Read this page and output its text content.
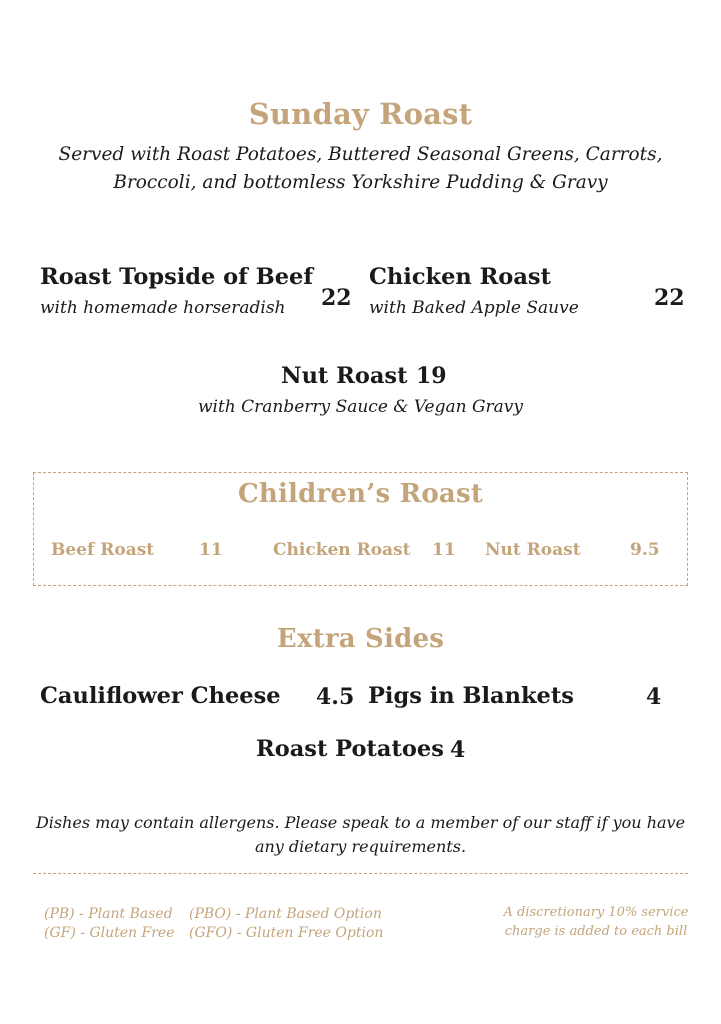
Sunday Roast
Served with Roast Potatoes, Buttered Seasonal Greens, Carrots,
Broccoli, and bottomless Yorkshire Pudding & Gravy
Roast Topside of Beef
with homemade horseradish 22
Chicken Roast
with Baked Apple Sauve	22
Nut Roast 19
with Cranberry Sauce & Vegan Gravy
Children’s Roast
Beef Roast	11	Chicken Roast 11 Nut Roast	9.5
Extra Sides
Cauliflower Cheese 4.5 Pigs in Blankets	4
Roast Potatoes 4
Dishes may contain allergens. Please speak to a member of our staff if you have
any dietary requirements.
(PB) - Plant Based
(GF) - Gluten Free
(PBO) - Plant Based Option
(GFO) - Gluten Free Option
A discretionary 10% service
charge is added to each bill
